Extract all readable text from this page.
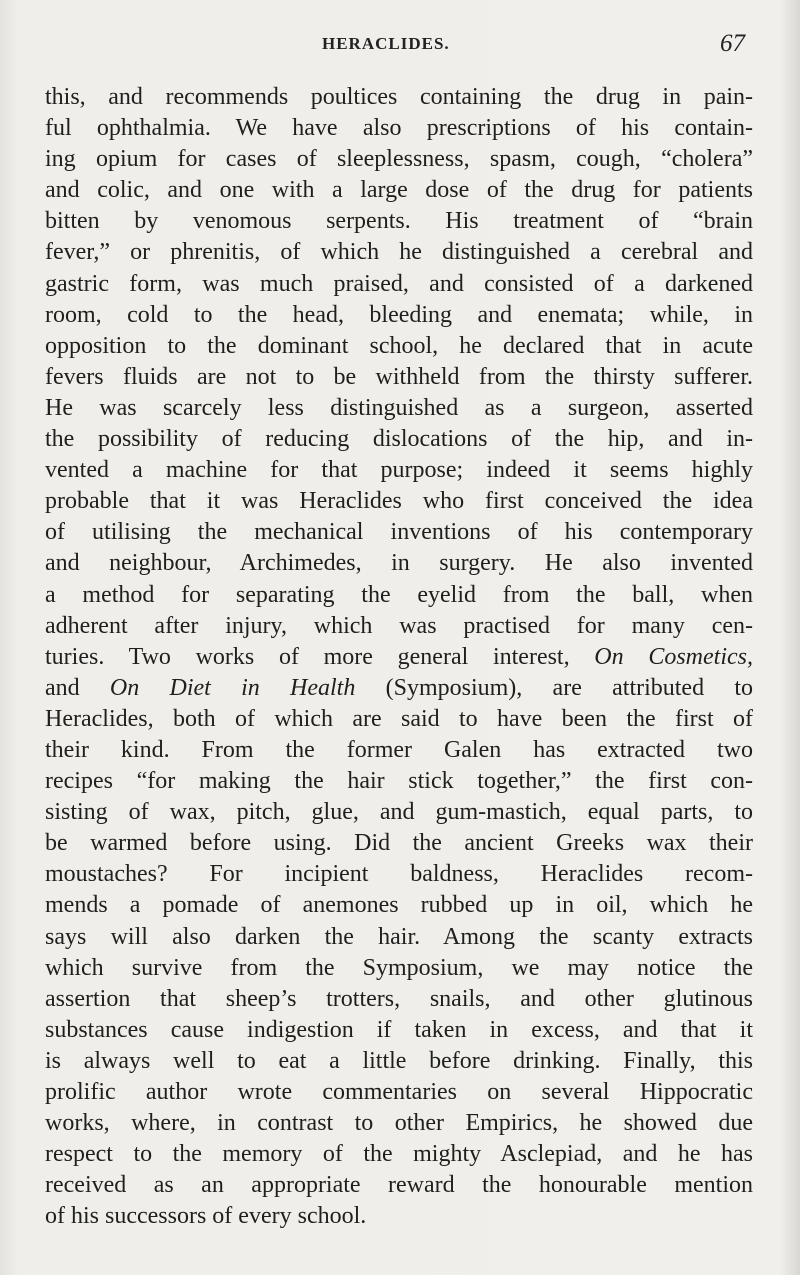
HERACLIDES.	67
this, and recommends poultices containing the drug in pain-
ful ophthalmia. We have also prescriptions of his contain-
ing opium for cases of sleeplessness, spasm, cough, “cholera”
and colic, and one with a large dose of the drug for patients
bitten by venomous serpents. His treatment of “brain
fever,” or phrenitis, of which he distinguished a cerebral and
gastric form, was much praised, and consisted of a darkened
room, cold to the head, bleeding and enemata; while, in
opposition to the dominant school, he declared that in acute
fevers fluids are not to be withheld from the thirsty sufferer.
He was scarcely less distinguished as a surgeon, asserted
the possibility of reducing dislocations of the hip, and in-
vented a machine for that purpose; indeed it seems highly
probable that it was Heraclides who first conceived the idea
of utilising the mechanical inventions of his contemporary
and neighbour, Archimedes, in surgery. He also invented
a method for separating the eyelid from the ball, when
adherent after injury, which was practised for many cen-
turies. Two works of more general interest, On Cosmetics,
and On Diet in Health (Symposium), are attributed to
Heraclides, both of which are said to have been the first of
their kind. From the former Galen has extracted two
recipes “for making the hair stick together,” the first con-
sisting of wax, pitch, glue, and gum-mastich, equal parts, to
be warmed before using. Did the ancient Greeks wax their
moustaches? For incipient baldness, Heraclides recom-
mends a pomade of anemones rubbed up in oil, which he
says will also darken the hair. Among the scanty extracts
which survive from the Symposium, we may notice the
assertion that sheep’s trotters, snails, and other glutinous
substances cause indigestion if taken in excess, and that it
is always well to eat a little before drinking. Finally, this
prolific author wrote commentaries on several Hippocratic
works, where, in contrast to other Empirics, he showed due
respect to the memory of the mighty Asclepiad, and he has
received as an appropriate reward the honourable mention
of his successors of every school.
